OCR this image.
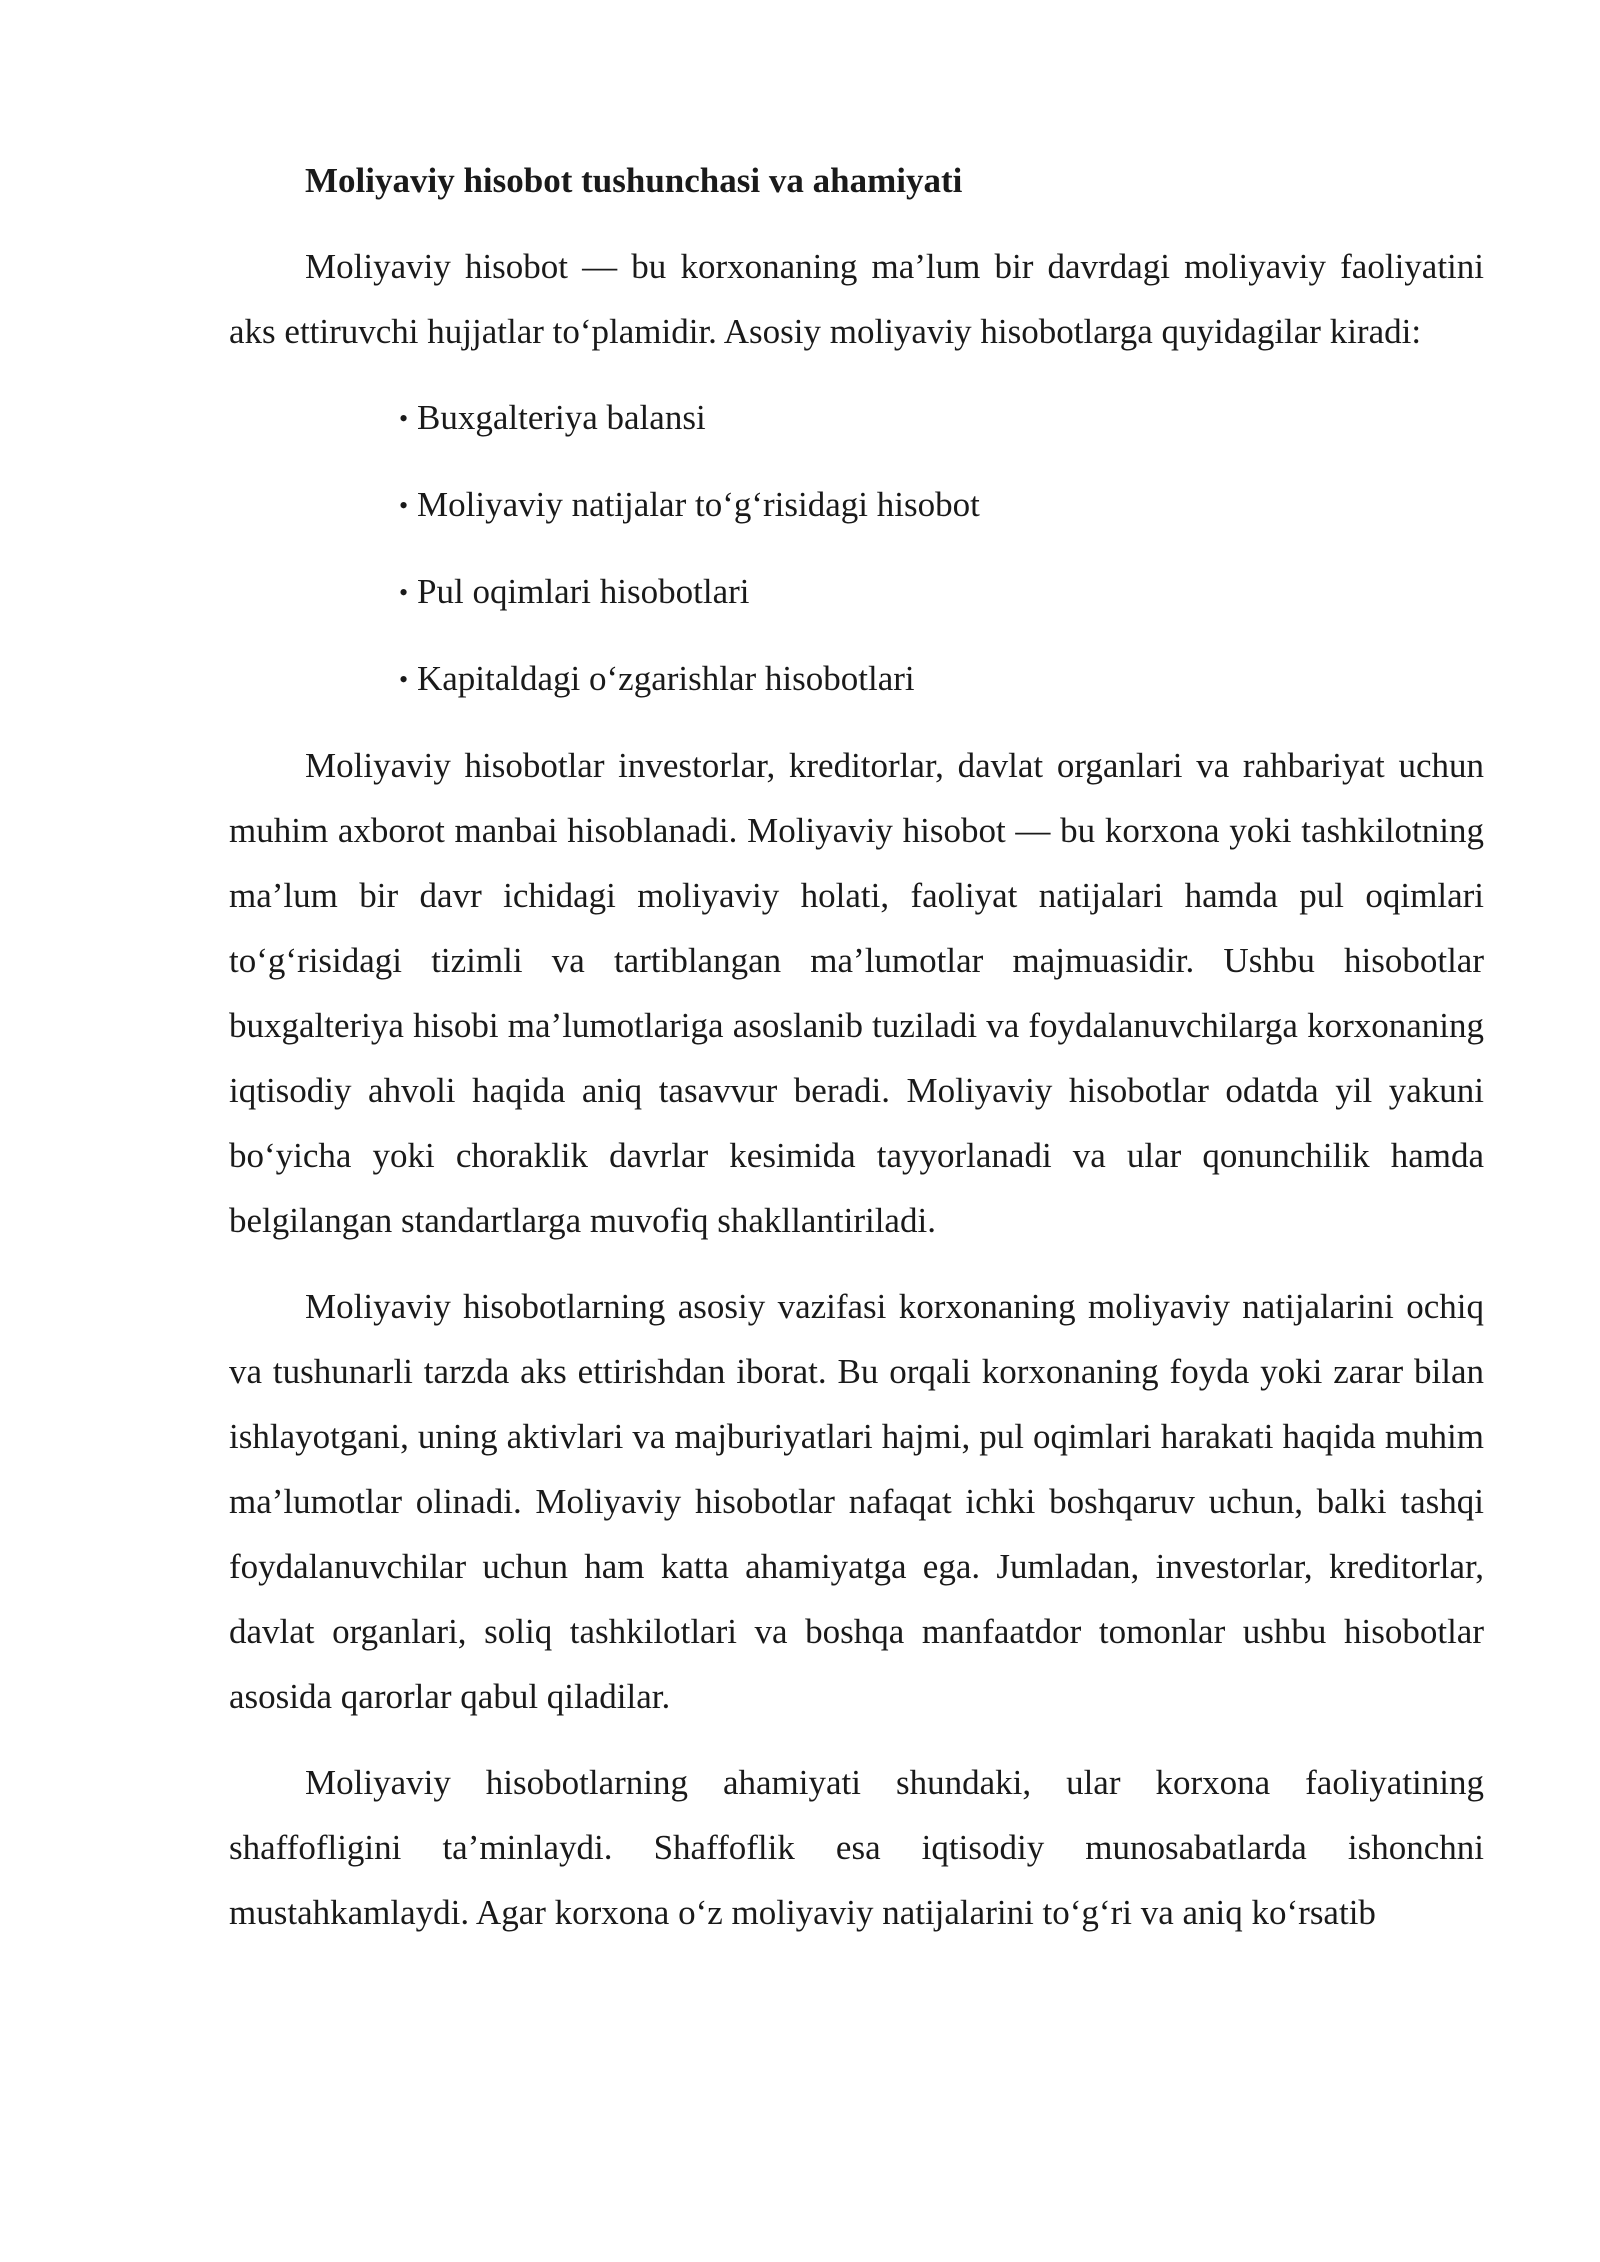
Moliyaviy hisobot tushunchasi va ahamiyati

Moliyaviy hisobot — bu korxonaning ma’lum bir davrdagi moliyaviy faoliyatini aks ettiruvchi hujjatlar to‘plamidir. Asosiy moliyaviy hisobotlarga quyidagilar kiradi:

• Buxgalteriya balansi
• Moliyaviy natijalar to‘g‘risidagi hisobot
• Pul oqimlari hisobotlari
• Kapitaldagi o‘zgarishlar hisobotlari

Moliyaviy hisobotlar investorlar, kreditorlar, davlat organlari va rahbariyat uchun muhim axborot manbai hisoblanadi. Moliyaviy hisobot — bu korxona yoki tashkilotning ma’lum bir davr ichidagi moliyaviy holati, faoliyat natijalari hamda pul oqimlari to‘g‘risidagi tizimli va tartiblangan ma’lumotlar majmuasidir. Ushbu hisobotlar buxgalteriya hisobi ma’lumotlariga asoslanib tuziladi va foydalanuvchilarga korxonaning iqtisodiy ahvoli haqida aniq tasavvur beradi. Moliyaviy hisobotlar odatda yil yakuni bo‘yicha yoki choraklik davrlar kesimida tayyorlanadi va ular qonunchilik hamda belgilangan standartlarga muvofiq shakllantiriladi.

Moliyaviy hisobotlarning asosiy vazifasi korxonaning moliyaviy natijalarini ochiq va tushunarli tarzda aks ettirishdan iborat. Bu orqali korxonaning foyda yoki zarar bilan ishlayotgani, uning aktivlari va majburiyatlari hajmi, pul oqimlari harakati haqida muhim ma’lumotlar olinadi. Moliyaviy hisobotlar nafaqat ichki boshqaruv uchun, balki tashqi foydalanuvchilar uchun ham katta ahamiyatga ega. Jumladan, investorlar, kreditorlar, davlat organlari, soliq tashkilotlari va boshqa manfaatdor tomonlar ushbu hisobotlar asosida qarorlar qabul qiladilar.

Moliyaviy hisobotlarning ahamiyati shundaki, ular korxona faoliyatining shaffofligini ta’minlaydi. Shaffoflik esa iqtisodiy munosabatlarda ishonchni mustahkamlaydi. Agar korxona o‘z moliyaviy natijalarini to‘g‘ri va aniq ko‘rsatib
